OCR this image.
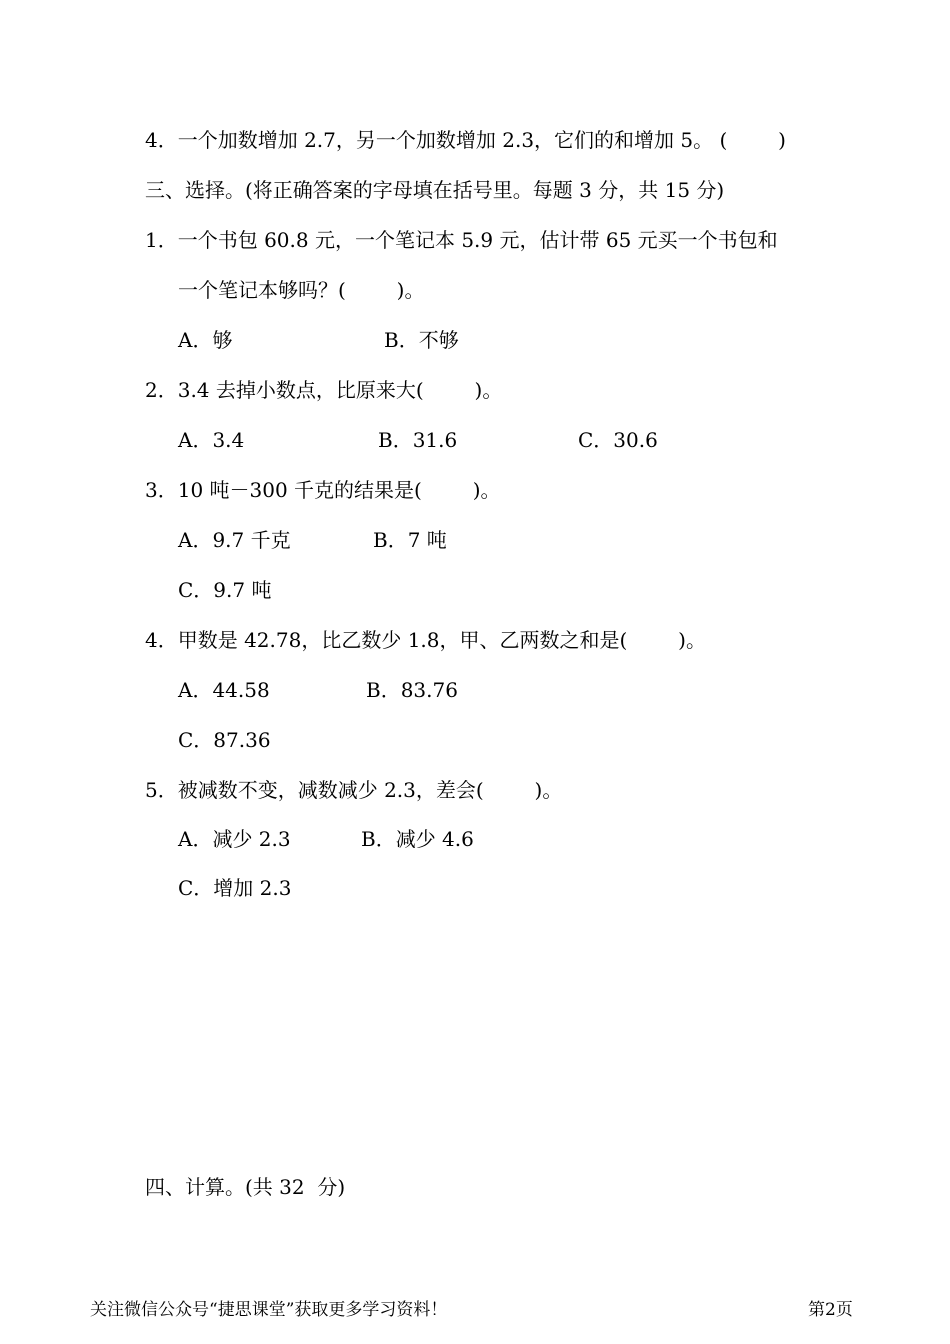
4．一个加数增加 2.7，另一个加数增加 2.3，它们的和增加 5。 (        )
三、选择。(将正确答案的字母填在括号里。每题 3 分，共 15 分)
1．一个书包 60.8 元，一个笔记本 5.9 元，估计带 65 元买一个书包和
一个笔记本够吗？(        )。
A．够	B．不够
2．3.4 去掉小数点，比原来大(        )。
A．3.4	B．31.6	C．30.6
3．10 吨－300 千克的结果是(        )。
A．9.7 千克	B．7 吨
C．9.7 吨
4．甲数是 42.78，比乙数少 1.8，甲、乙两数之和是(        )。
A．44.58	B．83.76
C．87.36
5．被减数不变，减数减少 2.3，差会(        )。
A．减少 2.3	B．减少 4.6
C．增加 2.3
四、计算。(共 32  分)
关注微信公众号“捷思课堂”获取更多学习资料！	第2页
